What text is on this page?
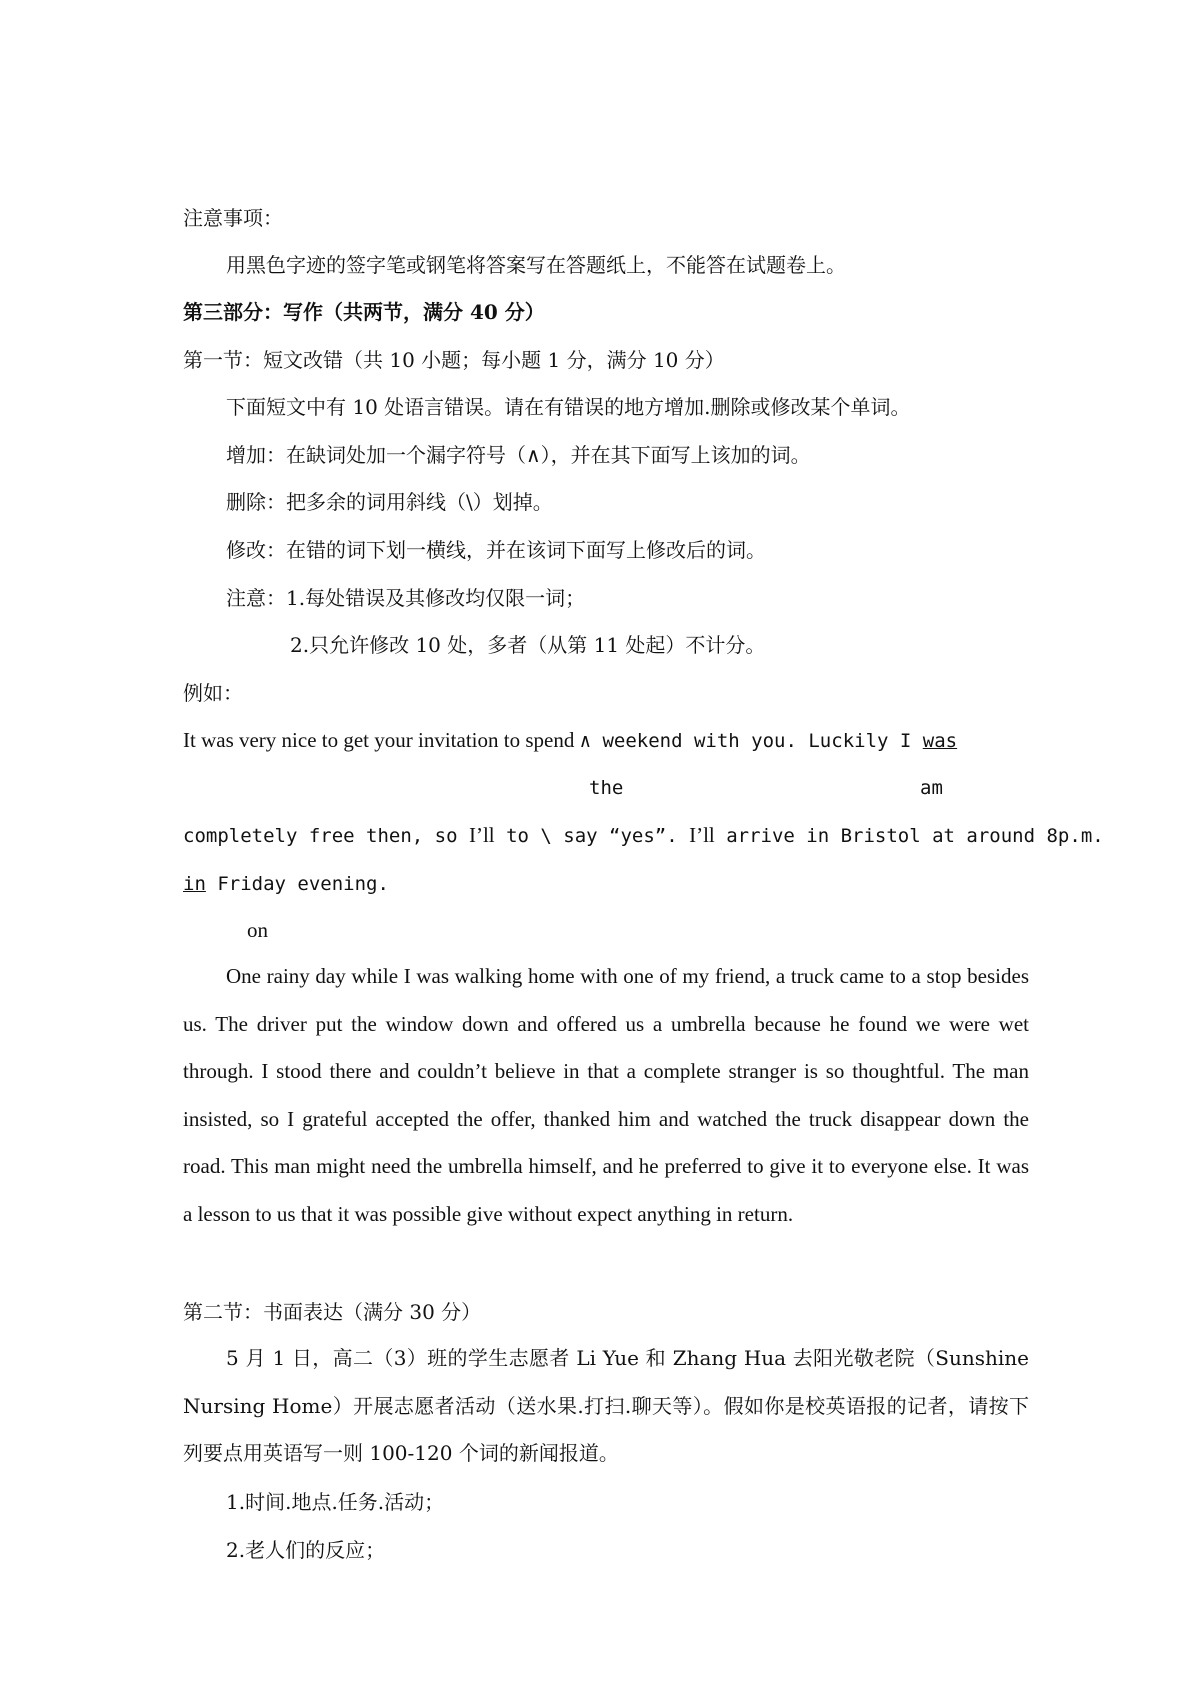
注意事项：
用黑色字迹的签字笔或钢笔将答案写在答题纸上，不能答在试题卷上。
第三部分：写作（共两节，满分 40 分）
第一节：短文改错（共 10 小题；每小题 1 分，满分 10 分）
下面短文中有 10 处语言错误。请在有错误的地方增加.删除或修改某个单词。
增加：在缺词处加一个漏字符号（∧），并在其下面写上该加的词。
删除：把多余的词用斜线（\）划掉。
修改：在错的词下划一横线，并在该词下面写上修改后的词。
注意：1.每处错误及其修改均仅限一词；
2.只允许修改 10 处，多者（从第 11 处起）不计分。
例如：
It was very nice to get your invitation to spend ∧ weekend with you. Luckily I was
the	am
completely free then, so I’ll to \ say “yes”. I’ll arrive in Bristol at around 8p.m.
in Friday evening.
on
One rainy day while I was walking home with one of my friend, a truck came to a stop besides us. The driver put the window down and offered us a umbrella because he found we were wet through. I stood there and couldn’t believe in that a complete stranger is so thoughtful. The man insisted, so I grateful accepted the offer, thanked him and watched the truck disappear down the road. This man might need the umbrella himself, and he preferred to give it to everyone else. It was a lesson to us that it was possible give without expect anything in return.
第二节：书面表达（满分 30 分）
5 月 1 日，高二（3）班的学生志愿者 Li Yue 和 Zhang Hua 去阳光敬老院（Sunshine Nursing Home）开展志愿者活动（送水果.打扫.聊天等）。假如你是校英语报的记者，请按下列要点用英语写一则 100-120 个词的新闻报道。
1.时间.地点.任务.活动；
2.老人们的反应；
